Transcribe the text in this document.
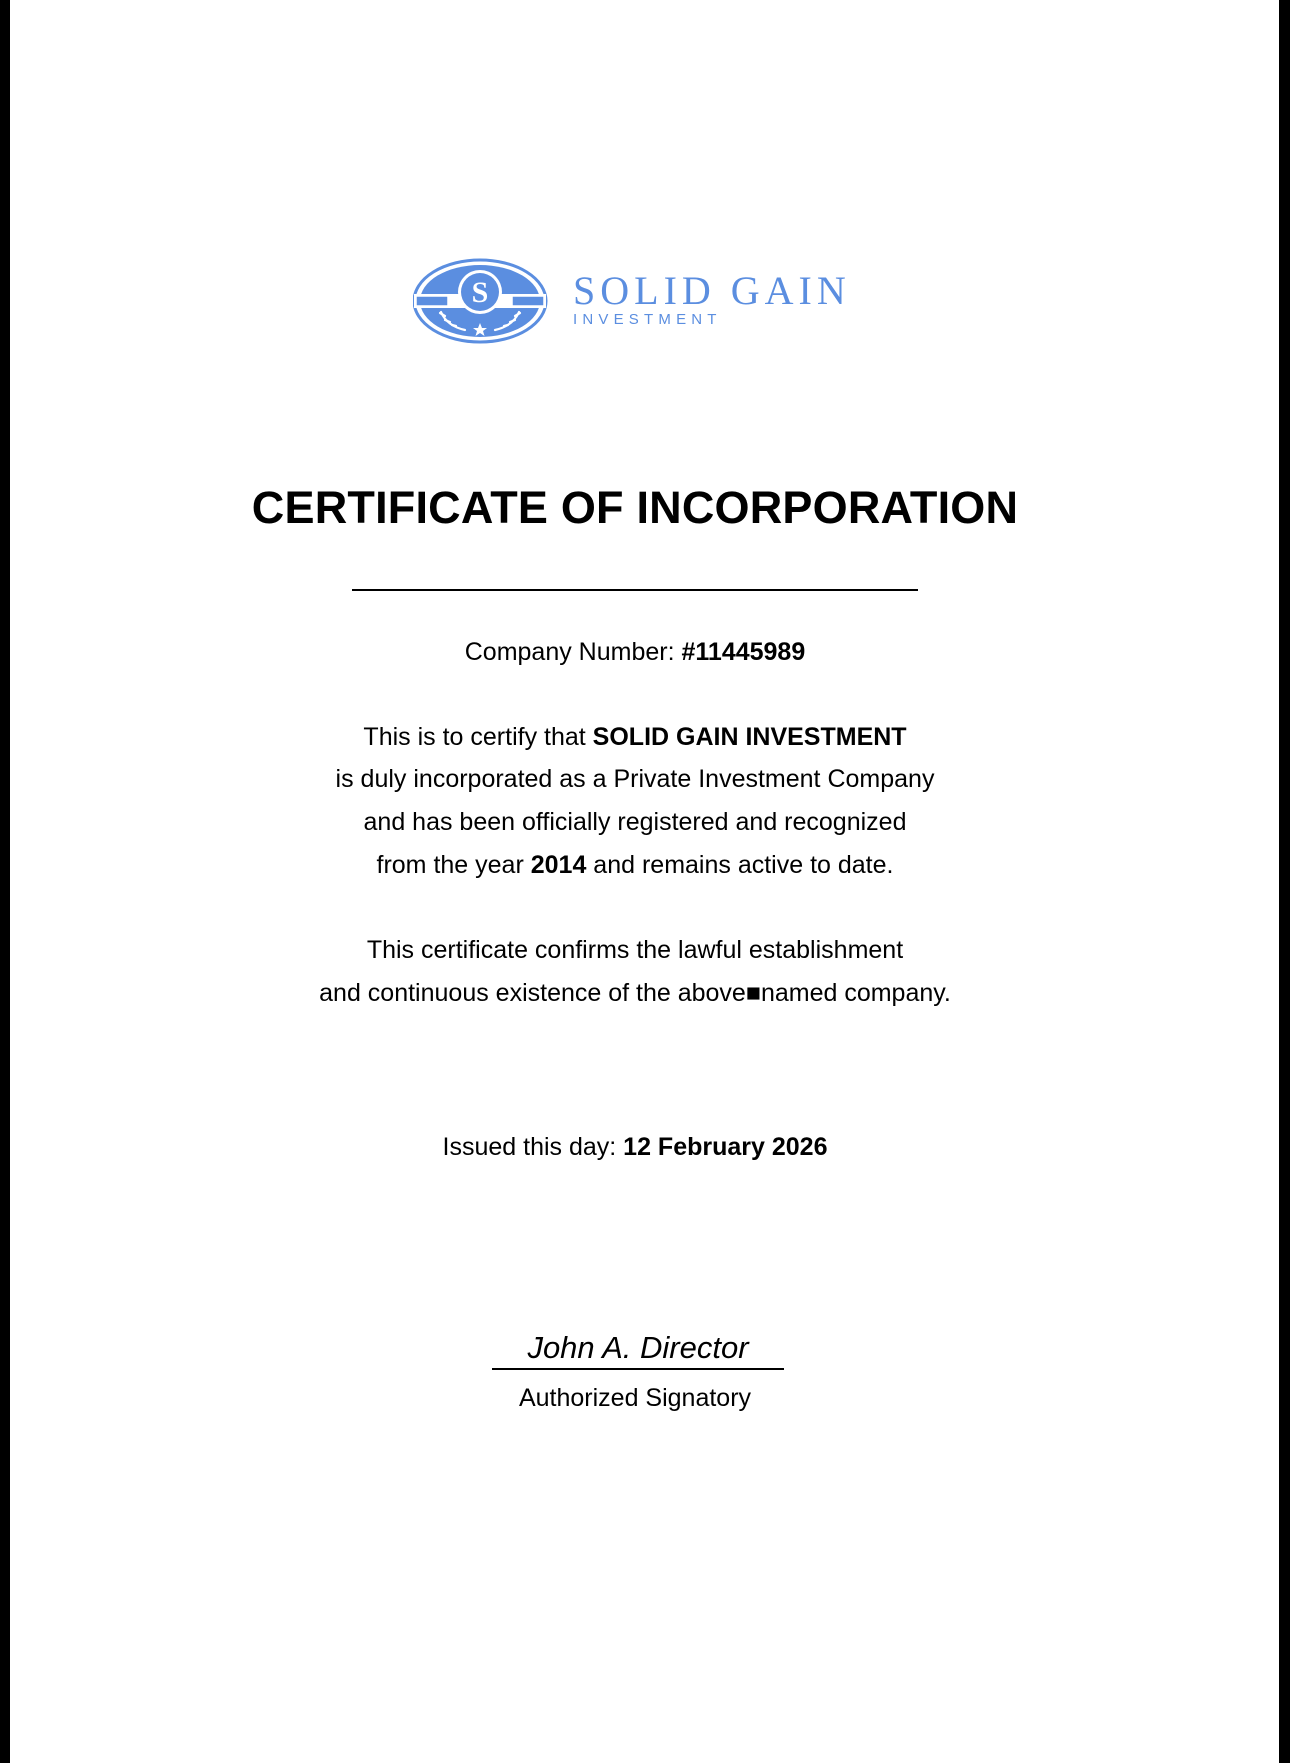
S SOLID GAIN
INVESTMENT
CERTIFICATE OF INCORPORATION
Company Number: #11445989
This is to certify that SOLID GAIN INVESTMENT
is duly incorporated as a Private Investment Company
and has been officially registered and recognized
from the year 2014 and remains active to date.
This certificate confirms the lawful establishment
and continuous existence of the above■named company.
Issued this day: 12 February 2026
John A. Director
Authorized Signatory
